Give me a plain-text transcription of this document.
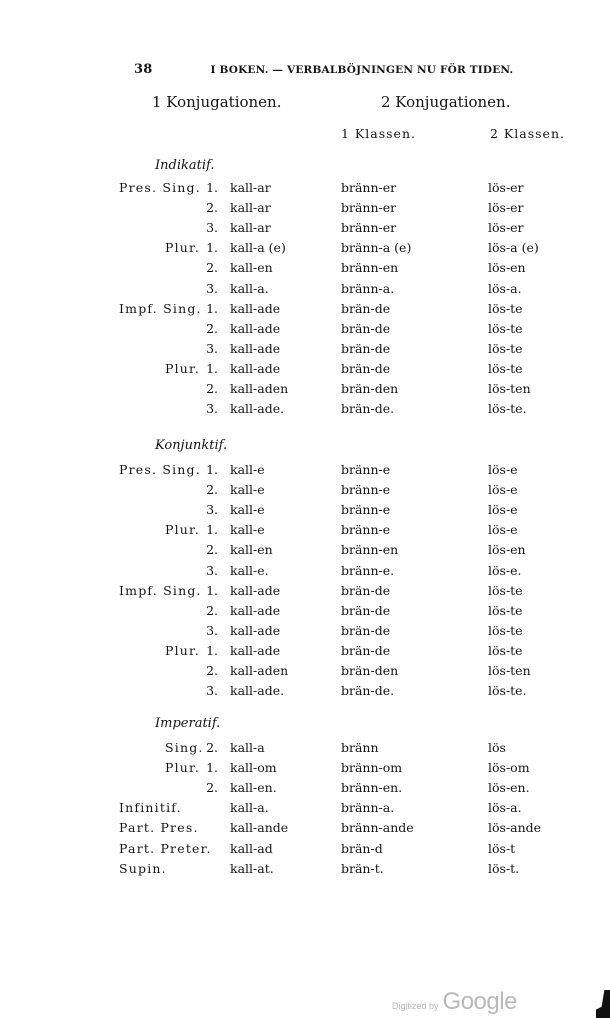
38	I BOKEN. — VERBALBÖJNINGEN NU FÖR TIDEN.
1 Konjugationen.	2 Konjugationen.
1 Klassen.	2 Klassen.
Indikatif.
Pres. Sing. 1. kall-ar	bränn-er	lös-er
2. kall-ar	bränn-er	lös-er
3. kall-ar	bränn-er	lös-er
Plur. 1. kall-a (e)	bränn-a (e)	lös-a (e)
2. kall-en	bränn-en	lös-en
3. kall-a.	bränn-a.	lös-a.
Impf. Sing. 1. kall-ade	brän-de	lös-te
2. kall-ade	brän-de	lös-te
3. kall-ade	brän-de	lös-te
Plur. 1. kall-ade	brän-de	lös-te
2. kall-aden	brän-den	lös-ten
3. kall-ade.	brän-de.	lös-te.
Konjunktif.
Pres. Sing. 1. kall-e	bränn-e	lös-e
2. kall-e	bränn-e	lös-e
3. kall-e	bränn-e	lös-e
Plur. 1. kall-e	bränn-e	lös-e
2. kall-en	bränn-en	lös-en
3. kall-e.	bränn-e.	lös-e.
Impf. Sing. 1. kall-ade	brän-de	lös-te
2. kall-ade	brän-de	lös-te
3. kall-ade	brän-de	lös-te
Plur. 1. kall-ade	brän-de	lös-te
2. kall-aden	brän-den	lös-ten
3. kall-ade.	brän-de.	lös-te.
Imperatif.
Sing. 2. kall-a	bränn	lös
Plur. 1. kall-om	bränn-om	lös-om
2. kall-en.	bränn-en.	lös-en.
Infinitif.	kall-a.	bränn-a.	lös-a.
Part. Pres.	kall-ande	bränn-ande	lös-ande
Part. Preter. kall-ad	brän-d	lös-t
Supin.	kall-at.	brän-t.	lös-t.
Digitized by Google
